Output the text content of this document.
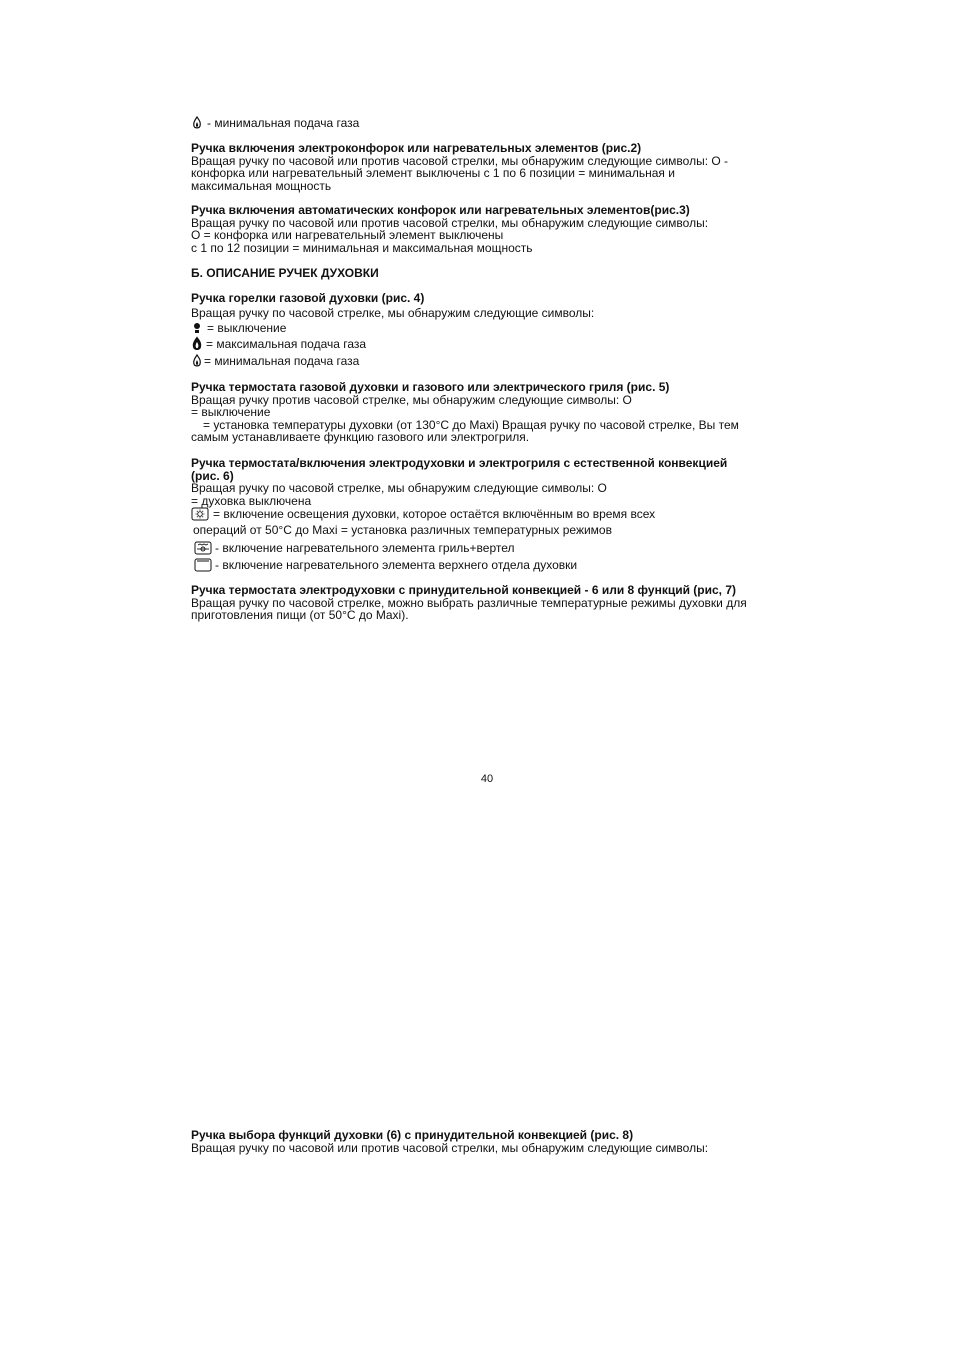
- минимальная подача газа
Ручка включения электроконфорок или нагревательных элементов (рис.2)
Вращая ручку по часовой или против часовой стрелки, мы обнаружим следующие символы: О -
конфорка или нагревательный элемент выключены с 1 по 6 позиции = минимальная и
максимальная мощность
Ручка включения автоматических конфорок или нагревательных элементов(рис.3)
Вращая ручку по часовой или против часовой стрелки, мы обнаружим следующие символы:
О = конфорка или нагревательный элемент выключены
с 1 по 12 позиции = минимальная и максимальная мощность
Б. ОПИСАНИЕ РУЧЕК ДУХОВКИ
Ручка горелки газовой духовки (рис. 4)
Вращая ручку по часовой стрелке, мы обнаружим следующие символы:
= выключение
= максимальная подача газа
= минимальная подача газа
Ручка термостата газовой духовки и газового или электрического гриля (рис. 5)
Вращая ручку против часовой стрелке, мы обнаружим следующие символы: О
= выключение
= установка температуры духовки (от 130°С до Maxi) Вращая ручку по часовой стрелке, Вы тем
самым устанавливаете функцию газового или электрогриля.
Ручка термостата/включения электродуховки и электрогриля с естественной конвекцией
(рис. 6)
Вращая ручку по часовой стрелке, мы обнаружим следующие символы: О
= духовка выключена
= включение освещения духовки, которое остаётся включённым во время всех
операций от 50°С до Maxi = установка различных температурных режимов
- включение нагревательного элемента гриль+вертел
- включение нагревательного элемента верхнего отдела духовки
Ручка термостата электродуховки с принудительной конвекцией - 6 или 8 функций (рис, 7)
Вращая ручку по часовой стрелке, можно выбрать различные температурные режимы духовки для
приготовления пищи (от 50°С до Maxi).
40
Ручка выбора функций духовки (6) с принудительной конвекцией (рис. 8)
Вращая ручку по часовой или против часовой стрелки, мы обнаружим следующие символы:
